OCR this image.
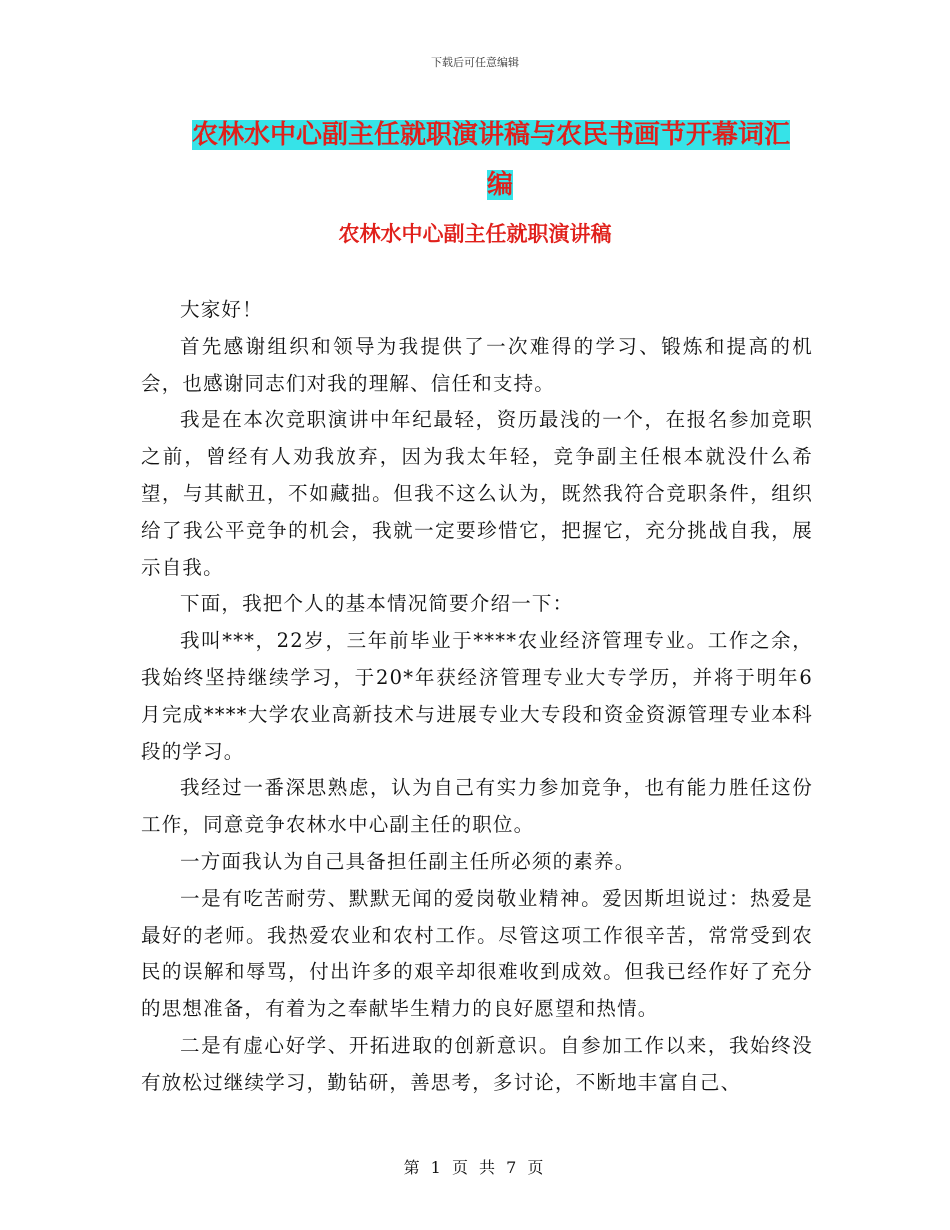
下载后可任意编辑
农林水中心副主任就职演讲稿与农民书画节开幕词汇
编
农林水中心副主任就职演讲稿

大家好！

首先感谢组织和领导为我提供了一次难得的学习、锻炼和提高的机会，也感谢同志们对我的理解、信任和支持。

我是在本次竞职演讲中年纪最轻，资历最浅的一个，在报名参加竞职之前，曾经有人劝我放弃，因为我太年轻，竞争副主任根本就没什么希望，与其献丑，不如藏拙。但我不这么认为，既然我符合竞职条件，组织给了我公平竞争的机会，我就一定要珍惜它，把握它，充分挑战自我，展示自我。

下面，我把个人的基本情况简要介绍一下：

我叫***，22岁，三年前毕业于****农业经济管理专业。工作之余，我始终坚持继续学习，于20*年获经济管理专业大专学历，并将于明年6月完成****大学农业高新技术与进展专业大专段和资金资源管理专业本科段的学习。

我经过一番深思熟虑，认为自己有实力参加竞争，也有能力胜任这份工作，同意竞争农林水中心副主任的职位。

一方面我认为自己具备担任副主任所必须的素养。

一是有吃苦耐劳、默默无闻的爱岗敬业精神。爱因斯坦说过：热爱是最好的老师。我热爱农业和农村工作。尽管这项工作很辛苦，常常受到农民的误解和辱骂，付出许多的艰辛却很难收到成效。但我已经作好了充分的思想准备，有着为之奉献毕生精力的良好愿望和热情。

二是有虚心好学、开拓进取的创新意识。自参加工作以来，我始终没有放松过继续学习，勤钻研，善思考，多讨论，不断地丰富自己、

第 1 页 共 7 页
